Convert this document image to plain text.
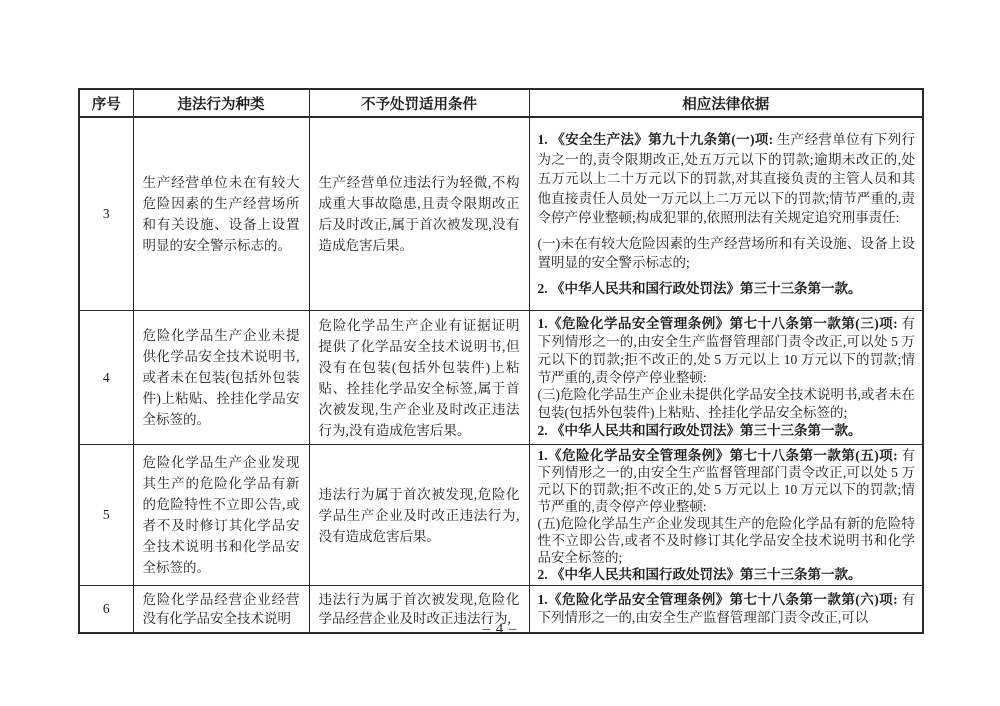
序号	违法行为种类	不予处罚适用条件	相应法律依据
3	生产经营单位未在有较大危险因素的生产经营场所和有关设施、设备上设置明显的安全警示标志的。	生产经营单位违法行为轻微,不构成重大事故隐患,且责令限期改正后及时改正,属于首次被发现,没有造成危害后果。	1. 《安全生产法》第九十九条第(一)项: 生产经营单位有下列行为之一的,责令限期改正,处五万元以下的罚款;逾期未改正的,处五万元以上二十万元以下的罚款,对其直接负责的主管人员和其他直接责任人员处一万元以上二万元以下的罚款;情节严重的,责令停产停业整顿;构成犯罪的,依照刑法有关规定追究刑事责任:

(一)未在有较大危险因素的生产经营场所和有关设施、设备上设置明显的安全警示标志的;

2. 《中华人民共和国行政处罚法》第三十三条第一款。

4	危险化学品生产企业未提供化学品安全技术说明书,或者未在包装(包括外包装件)上粘贴、拴挂化学品安全标签的。	危险化学品生产企业有证据证明提供了化学品安全技术说明书,但没有在包装(包括外包装件)上粘贴、拴挂化学品安全标签,属于首次被发现,生产企业及时改正违法行为,没有造成危害后果。	1.《危险化学品安全管理条例》第七十八条第一款第(三)项: 有下列情形之一的,由安全生产监督管理部门责令改正,可以处 5 万元以下的罚款;拒不改正的,处 5 万元以上 10 万元以下的罚款;情节严重的,责令停产停业整顿:

(三)危险化学品生产企业未提供化学品安全技术说明书,或者未在包装(包括外包装件)上粘贴、拴挂化学品安全标签的;

2. 《中华人民共和国行政处罚法》第三十三条第一款。

5	危险化学品生产企业发现其生产的危险化学品有新的危险特性不立即公告,或者不及时修订其化学品安全技术说明书和化学品安全标签的。	违法行为属于首次被发现,危险化学品生产企业及时改正违法行为,没有造成危害后果。	1.《危险化学品安全管理条例》第七十八条第一款第(五)项: 有下列情形之一的,由安全生产监督管理部门责令改正,可以处 5 万元以下的罚款;拒不改正的,处 5 万元以上 10 万元以下的罚款;情节严重的,责令停产停业整顿:

(五)危险化学品生产企业发现其生产的危险化学品有新的危险特性不立即公告,或者不及时修订其化学品安全技术说明书和化学品安全标签的;

2. 《中华人民共和国行政处罚法》第三十三条第一款。

6	危险化学品经营企业经营没有化学品安全技术说明	违法行为属于首次被发现,危险化学品经营企业及时改正违法行为,	1.《危险化学品安全管理条例》第七十八条第一款第(六)项: 有下列情形之一的,由安全生产监督管理部门责令改正,可以

– 4 –
